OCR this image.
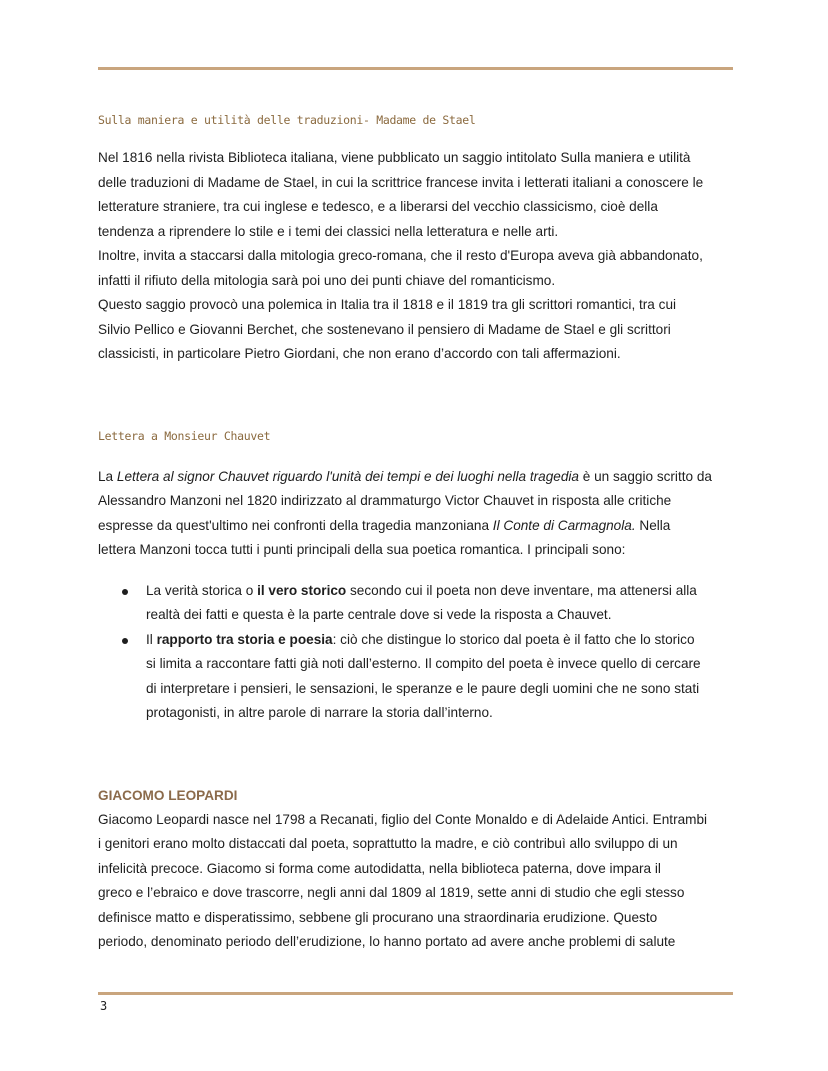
Sulla maniera e utilità delle traduzioni- Madame de Stael
Nel 1816 nella rivista Biblioteca italiana, viene pubblicato un saggio intitolato Sulla maniera e utilità
delle traduzioni di Madame de Stael, in cui la scrittrice francese invita i letterati italiani a conoscere le
letterature straniere, tra cui inglese e tedesco, e a liberarsi del vecchio classicismo, cioè della
tendenza a riprendere lo stile e i temi dei classici nella letteratura e nelle arti.
Inoltre, invita a staccarsi dalla mitologia greco-romana, che il resto d'Europa aveva già abbandonato,
infatti il rifiuto della mitologia sarà poi uno dei punti chiave del romanticismo.
Questo saggio provocò una polemica in Italia tra il 1818 e il 1819 tra gli scrittori romantici, tra cui
Silvio Pellico e Giovanni Berchet, che sostenevano il pensiero di Madame de Stael e gli scrittori
classicisti, in particolare Pietro Giordani, che non erano d’accordo con tali affermazioni.
Lettera a Monsieur Chauvet
La Lettera al signor Chauvet riguardo l'unità dei tempi e dei luoghi nella tragedia è un saggio scritto da
Alessandro Manzoni nel 1820 indirizzato al drammaturgo Victor Chauvet in risposta alle critiche
espresse da quest'ultimo nei confronti della tragedia manzoniana Il Conte di Carmagnola. Nella
lettera Manzoni tocca tutti i punti principali della sua poetica romantica. I principali sono:
La verità storica o il vero storico secondo cui il poeta non deve inventare, ma attenersi alla
realtà dei fatti e questa è la parte centrale dove si vede la risposta a Chauvet.
Il rapporto tra storia e poesia: ciò che distingue lo storico dal poeta è il fatto che lo storico
si limita a raccontare fatti già noti dall’esterno. Il compito del poeta è invece quello di cercare
di interpretare i pensieri, le sensazioni, le speranze e le paure degli uomini che ne sono stati
protagonisti, in altre parole di narrare la storia dall’interno.
GIACOMO LEOPARDI
Giacomo Leopardi nasce nel 1798 a Recanati, figlio del Conte Monaldo e di Adelaide Antici. Entrambi
i genitori erano molto distaccati dal poeta, soprattutto la madre, e ciò contribuì allo sviluppo di un
infelicità precoce. Giacomo si forma come autodidatta, nella biblioteca paterna, dove impara il
greco e l’ebraico e dove trascorre, negli anni dal 1809 al 1819, sette anni di studio che egli stesso
definisce matto e disperatissimo, sebbene gli procurano una straordinaria erudizione. Questo
periodo, denominato periodo dell’erudizione, lo hanno portato ad avere anche problemi di salute
3
